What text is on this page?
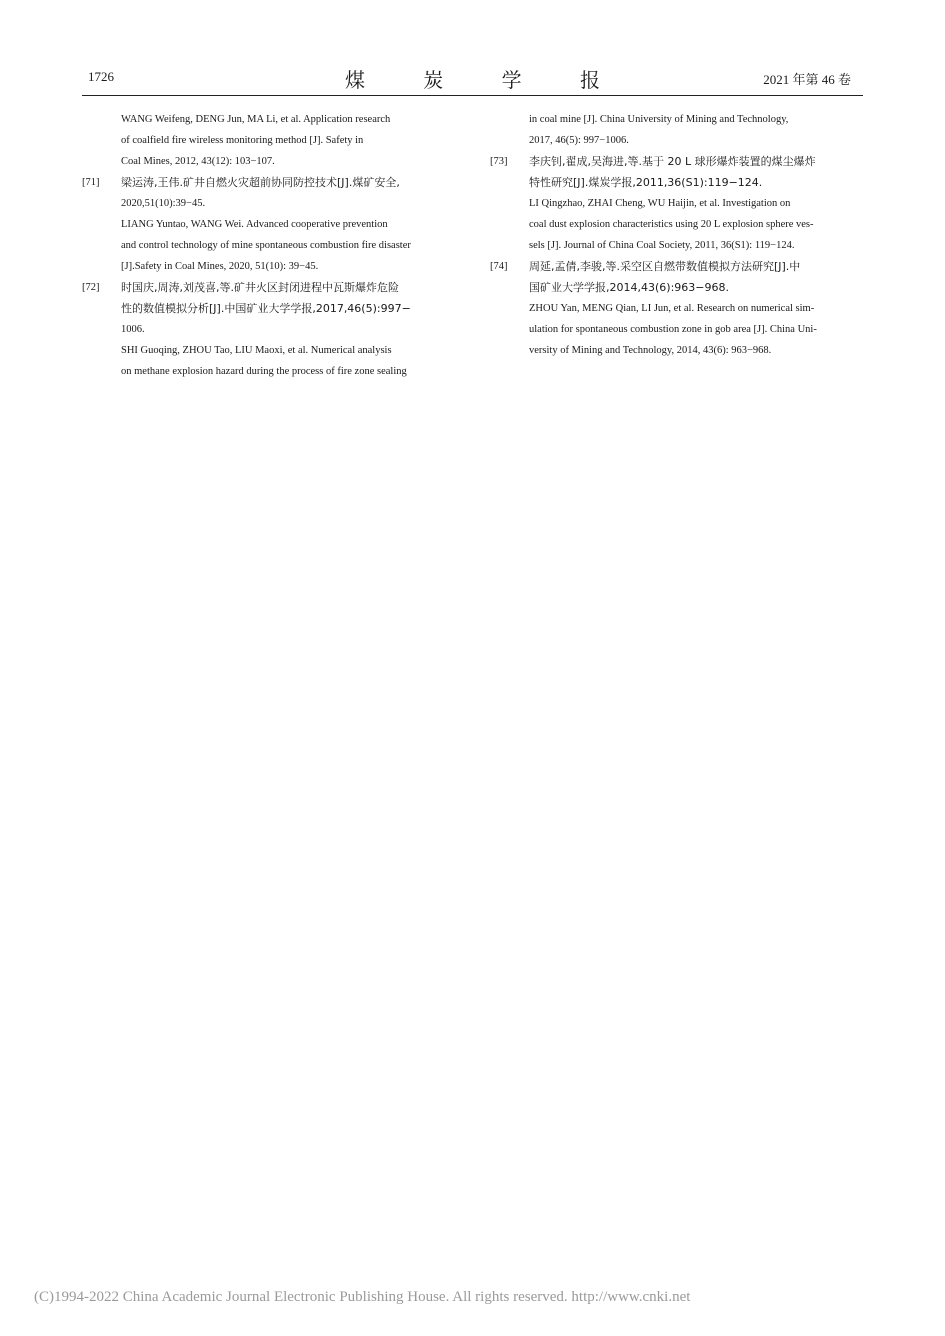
1726	煤 炭 学 报	2021 年第 46 卷
WANG Weifeng, DENG Jun, MA Li, et al. Application research
of coalfield fire wireless monitoring method [J]. Safety in
Coal Mines, 2012, 43(12): 103−107.
[71]	梁运涛,王伟.矿井自燃火灾超前协同防控技术[J].煤矿安全,
2020,51(10):39−45.
LIANG Yuntao, WANG Wei. Advanced cooperative prevention
and control technology of mine spontaneous combustion fire disaster
[J].Safety in Coal Mines, 2020, 51(10): 39−45.
[72]	时国庆,周涛,刘茂喜,等.矿井火区封闭进程中瓦斯爆炸危险
性的数值模拟分析[J].中国矿业大学学报,2017,46(5):997−
1006.
SHI Guoqing, ZHOU Tao, LIU Maoxi, et al. Numerical analysis
on methane explosion hazard during the process of fire zone sealing
in coal mine [J]. China University of Mining and Technology,
2017, 46(5): 997−1006.
[73]	李庆钊,翟成,吴海进,等.基于 20 L 球形爆炸装置的煤尘爆炸
特性研究[J].煤炭学报,2011,36(S1):119−124.
LI Qingzhao, ZHAI Cheng, WU Haijin, et al. Investigation on
coal dust explosion characteristics using 20 L explosion sphere ves-
sels [J]. Journal of China Coal Society, 2011, 36(S1): 119−124.
[74]	周延,孟倩,李骏,等.采空区自燃带数值模拟方法研究[J].中
国矿业大学学报,2014,43(6):963−968.
ZHOU Yan, MENG Qian, LI Jun, et al. Research on numerical sim-
ulation for spontaneous combustion zone in gob area [J]. China Uni-
versity of Mining and Technology, 2014, 43(6): 963−968.
(C)1994-2022 China Academic Journal Electronic Publishing House. All rights reserved. http://www.cnki.net
